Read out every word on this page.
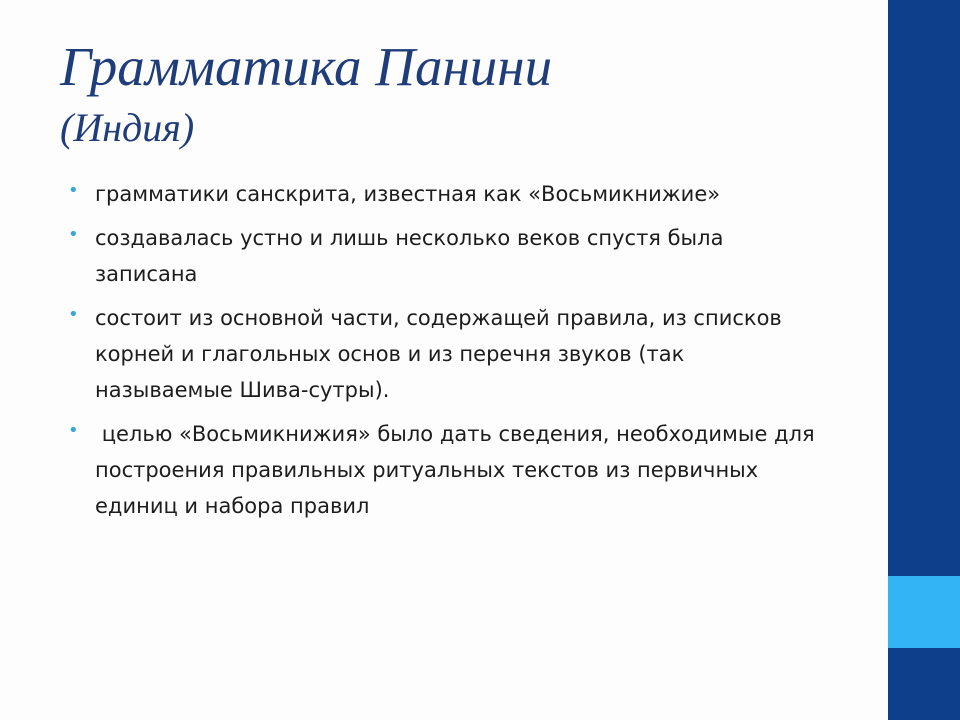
Грамматика Панини
(Индия)
• грамматики санскрита, известная как «Восьмикнижие»
• создавалась устно и лишь несколько веков спустя была записана
• состоит из основной части, содержащей правила, из списков корней и глагольных основ и из перечня звуков (так называемые Шива-сутры).
• целью «Восьмикнижия» было дать сведения, необходимые для построения правильных ритуальных текстов из первичных единиц и набора правил
